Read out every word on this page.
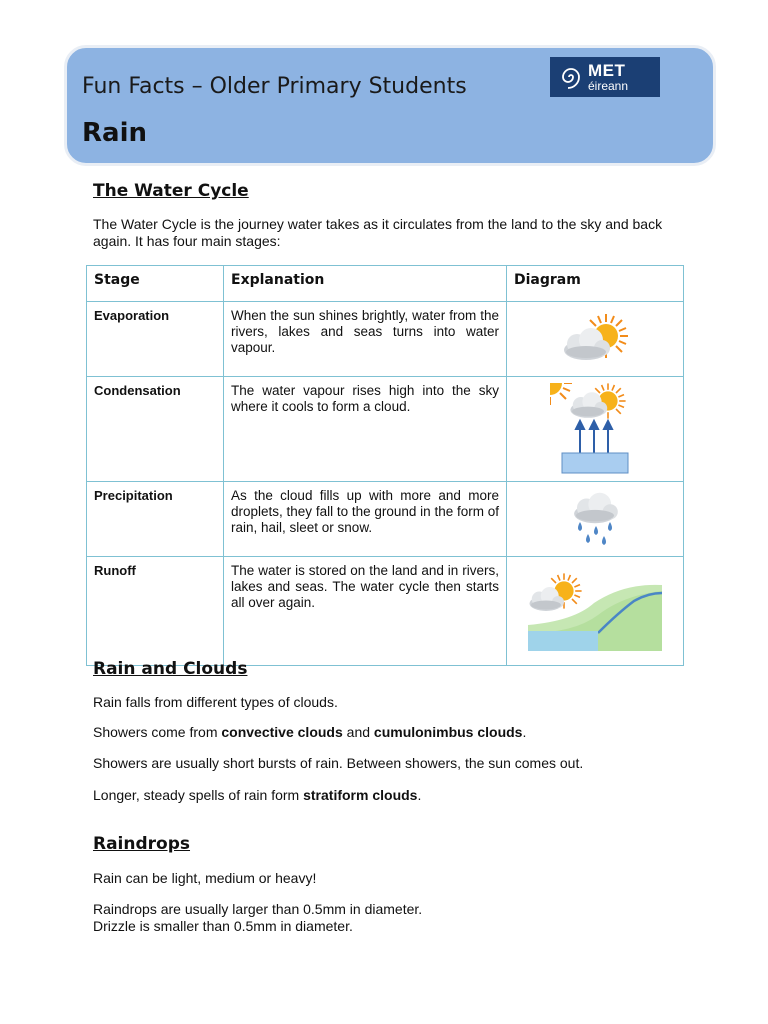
Fun Facts – Older Primary Students
Rain
MET
éireann
The Water Cycle
The Water Cycle is the journey water takes as it circulates from the land to the sky and back
again. It has four main stages:
Stage	Explanation	Diagram
Evaporation	When the sun shines brightly, water from the rivers, lakes and seas turns into water vapour.	

Condensation	The water vapour rises high into the sky where it cools to form a cloud.	

Precipitation	As the cloud fills up with more and more droplets, they fall to the ground in the form of rain, hail, sleet or snow.	

Runoff	The water is stored on the land and in rivers, lakes and seas. The water cycle then starts all over again.	
Rain and Clouds
Rain falls from different types of clouds.
Showers come from convective clouds and cumulonimbus clouds.
Showers are usually short bursts of rain. Between showers, the sun comes out.
Longer, steady spells of rain form stratiform clouds.
Raindrops
Rain can be light, medium or heavy!
Raindrops are usually larger than 0.5mm in diameter.
Drizzle is smaller than 0.5mm in diameter.
